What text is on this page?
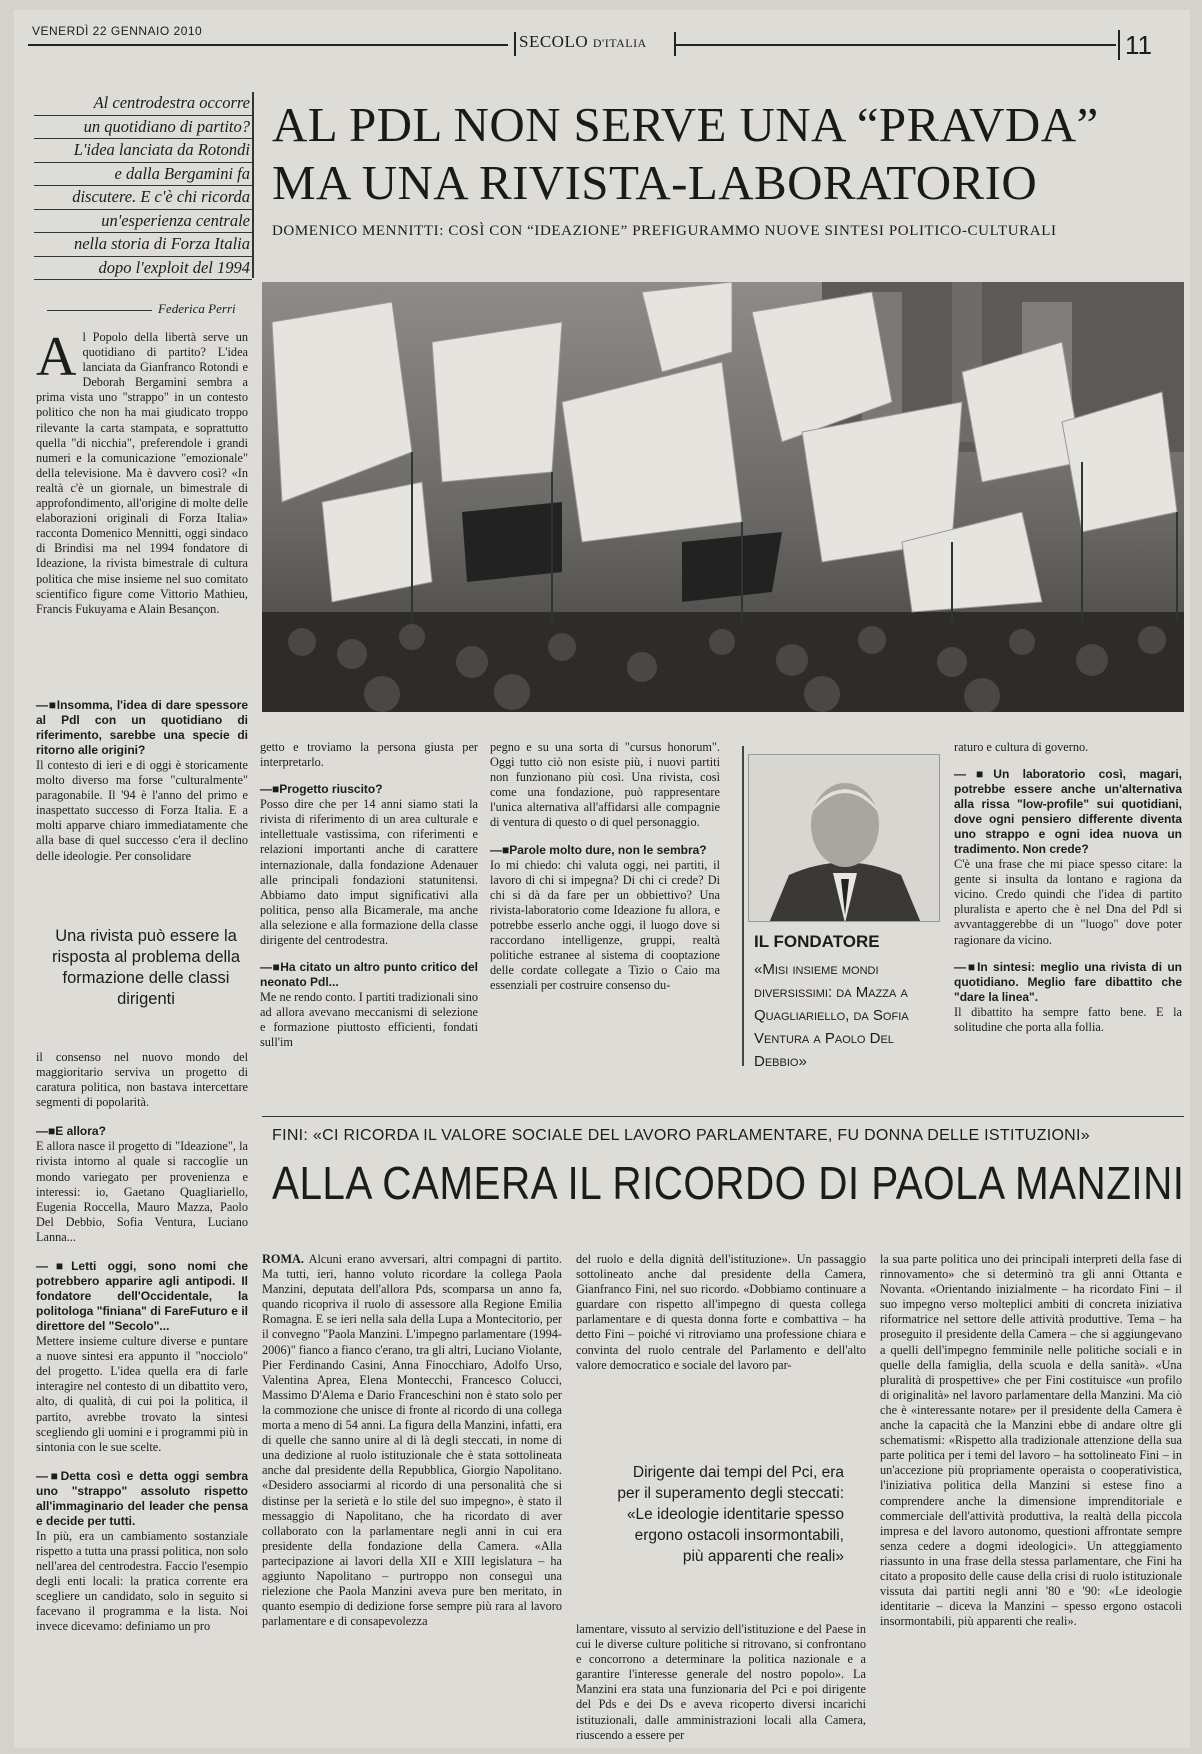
VENERDÌ 22 GENNAIO 2010
SECOLO D'ITALIA	11
Al centrodestra occorre
un quotidiano di partito?
L'idea lanciata da Rotondi
e dalla Bergamini fa
discutere. E c'è chi ricorda
un'esperienza centrale
nella storia di Forza Italia
dopo l'exploit del 1994
AL PDL NON SERVE UNA “PRAVDA”
MA UNA RIVISTA-LABORATORIO
DOMENICO MENNITTI: COSÌ CON “IDEAZIONE” PREFIGURAMMO NUOVE SINTESI POLITICO-CULTURALI
Federica Perri

Al Popolo della libertà serve un quotidiano di partito? L'idea lanciata da Gianfranco Rotondi e Deborah Bergamini sembra a prima vista uno "strappo" in un contesto politico che non ha mai giudicato troppo rilevante la carta stampata, e soprattutto quella "di nicchia", preferendole i grandi numeri e la comunicazione "emozionale" della televisione. Ma è davvero così? «In realtà c'è un giornale, un bimestrale di approfondimento, all'origine di molte delle elaborazioni originali di Forza Italia» racconta Domenico Mennitti, oggi sindaco di Brindisi ma nel 1994 fondatore di Ideazione, la rivista bimestrale di cultura politica che mise insieme nel suo comitato scientifico figure come Vittorio Mathieu, Francis Fukuyama e Alain Besançon.

—■ Insomma, l'idea di dare spessore al Pdl con un quotidiano di riferimento, sarebbe una specie di ritorno alle origini?

Il contesto di ieri e di oggi è storicamente molto diverso ma forse "culturalmente" paragonabile. Il '94 è l'anno del primo e inaspettato successo di Forza Italia. E a molti apparve chiaro immediatamente che alla base di quel successo c'era il declino delle ideologie. Per consolidare

Una rivista può essere la risposta al problema della formazione delle classi dirigenti

il consenso nel nuovo mondo del maggioritario serviva un progetto di caratura politica, non bastava intercettare segmenti di popolarità.

—■ E allora?

E allora nasce il progetto di "Ideazione", la rivista intorno al quale si raccoglie un mondo variegato per provenienza e interessi: io, Gaetano Quagliariello, Eugenia Roccella, Mauro Mazza, Paolo Del Debbio, Sofia Ventura, Luciano Lanna...

—■ Letti oggi, sono nomi che potrebbero apparire agli antipodi. Il fondatore dell'Occidentale, la politologa "finiana" di FareFuturo e il direttore del "Secolo"...

Mettere insieme culture diverse e puntare a nuove sintesi era appunto il "nocciolo" del progetto. L'idea quella era di farle interagire nel contesto di un dibattito vero, alto, di qualità, di cui poi la politica, il partito, avrebbe trovato la sintesi scegliendo gli uomini e i programmi più in sintonia con le sue scelte.

—■ Detta così e detta oggi sembra uno "strappo" assoluto rispetto all'immaginario del leader che pensa e decide per tutti.

In più, era un cambiamento sostanziale rispetto a tutta una prassi politica, non solo nell'area del centrodestra. Faccio l'esempio degli enti locali: la pratica corrente era scegliere un candidato, solo in seguito si facevano il programma e la lista. Noi invece dicevamo: definiamo un pro

getto e troviamo la persona giusta per interpretarlo.

—■ Progetto riuscito?

Posso dire che per 14 anni siamo stati la rivista di riferimento di un area culturale e intellettuale vastissima, con riferimenti e relazioni importanti anche di carattere internazionale, dalla fondazione Adenauer alle principali fondazioni statunitensi. Abbiamo dato imput significativi alla politica, penso alla Bicamerale, ma anche alla selezione e alla formazione della classe dirigente del centrodestra.

—■ Ha citato un altro punto critico del neonato Pdl...

Me ne rendo conto. I partiti tradizionali sino ad allora avevano meccanismi di selezione e formazione piuttosto efficienti, fondati sull'im

pegno e su una sorta di "cursus honorum". Oggi tutto ciò non esiste più, i nuovi partiti non funzionano più così. Una rivista, così come una fondazione, può rappresentare l'unica alternativa all'affidarsi alle compagnie di ventura di questo o di quel personaggio.

—■ Parole molto dure, non le sembra?

Io mi chiedo: chi valuta oggi, nei partiti, il lavoro di chi si impegna? Di chi ci crede? Di chi si dà da fare per un obbiettivo? Una rivista-laboratorio come Ideazione fu allora, e potrebbe esserlo anche oggi, il luogo dove si raccordano intelligenze, gruppi, realtà politiche estranee al sistema di cooptazione delle cordate collegate a Tizio o Caio ma essenziali per costruire consenso du-

IL FONDATORE
«Misi insieme mondi diversissimi: da Mazza a Quagliariello, da Sofia Ventura a Paolo Del Debbio»

raturo e cultura di governo.

—■ Un laboratorio così, magari, potrebbe essere anche un'alternativa alla rissa "low-profile" sui quotidiani, dove ogni pensiero differente diventa uno strappo e ogni idea nuova un tradimento. Non crede?

C'è una frase che mi piace spesso citare: la gente si insulta da lontano e ragiona da vicino. Credo quindi che l'idea di partito pluralista e aperto che è nel Dna del Pdl si avvantaggerebbe di un "luogo" dove poter ragionare da vicino.

—■ In sintesi: meglio una rivista di un quotidiano. Meglio fare dibattito che "dare la linea".

Il dibattito ha sempre fatto bene. E la solitudine che porta alla follia.

FINI: «CI RICORDA IL VALORE SOCIALE DEL LAVORO PARLAMENTARE, FU DONNA DELLE ISTITUZIONI»
ALLA CAMERA IL RICORDO DI PAOLA MANZINI

ROMA. Alcuni erano avversari, altri compagni di partito. Ma tutti, ieri, hanno voluto ricordare la collega Paola Manzini, deputata dell'allora Pds, scomparsa un anno fa, quando ricopriva il ruolo di assessore alla Regione Emilia Romagna. E se ieri nella sala della Lupa a Montecitorio, per il convegno "Paola Manzini. L'impegno parlamentare (1994-2006)" fianco a fianco c'erano, tra gli altri, Luciano Violante, Pier Ferdinando Casini, Anna Finocchiaro, Adolfo Urso, Valentina Aprea, Elena Montecchi, Francesco Colucci, Massimo D'Alema e Dario Franceschini non è stato solo per la commozione che unisce di fronte al ricordo di una collega morta a meno di 54 anni. La figura della Manzini, infatti, era di quelle che sanno unire al di là degli steccati, in nome di una dedizione al ruolo istituzionale che è stata sottolineata anche dal presidente della Repubblica, Giorgio Napolitano. «Desidero associarmi al ricordo di una personalità che si distinse per la serietà e lo stile del suo impegno», è stato il messaggio di Napolitano, che ha ricordato di aver collaborato con la parlamentare negli anni in cui era presidente della fondazione della Camera. «Alla partecipazione ai lavori della XII e XIII legislatura – ha aggiunto Napolitano – purtroppo non conseguì una rielezione che Paola Manzini aveva pure ben meritato, in quanto esempio di dedizione forse sempre più rara al lavoro parlamentare e di consapevolezza

del ruolo e della dignità dell'istituzione». Un passaggio sottolineato anche dal presidente della Camera, Gianfranco Fini, nel suo ricordo. «Dobbiamo continuare a guardare con rispetto all'impegno di questa collega parlamentare e di questa donna forte e combattiva – ha detto Fini – poiché vi ritroviamo una professione chiara e convinta del ruolo centrale del Parlamento e dell'alto valore democratico e sociale del lavoro par-

Dirigente dai tempi del Pci, era per il superamento degli steccati: «Le ideologie identitarie spesso ergono ostacoli insormontabili, più apparenti che reali»

lamentare, vissuto al servizio dell'istituzione e del Paese in cui le diverse culture politiche si ritrovano, si confrontano e concorrono a determinare la politica nazionale e a garantire l'interesse generale del nostro popolo». La Manzini era stata una funzionaria del Pci e poi dirigente del Pds e dei Ds e aveva ricoperto diversi incarichi istituzionali, dalle amministrazioni locali alla Camera, riuscendo a essere per

la sua parte politica uno dei principali interpreti della fase di rinnovamento» che si determinò tra gli anni Ottanta e Novanta. «Orientando inizialmente – ha ricordato Fini – il suo impegno verso molteplici ambiti di concreta iniziativa riformatrice nel settore delle attività produttive. Tema – ha proseguito il presidente della Camera – che si aggiungevano a quelli dell'impegno femminile nelle politiche sociali e in quelle della famiglia, della scuola e della sanità». «Una pluralità di prospettive» che per Fini costituisce «un profilo di originalità» nel lavoro parlamentare della Manzini. Ma ciò che è «interessante notare» per il presidente della Camera è anche la capacità che la Manzini ebbe di andare oltre gli schematismi: «Rispetto alla tradizionale attenzione della sua parte politica per i temi del lavoro – ha sottolineato Fini – in un'accezione più propriamente operaista o cooperativistica, l'iniziativa politica della Manzini si estese fino a comprendere anche la dimensione imprenditoriale e commerciale dell'attività produttiva, la realtà della piccola impresa e del lavoro autonomo, questioni affrontate sempre senza cedere a dogmi ideologici». Un atteggiamento riassunto in una frase della stessa parlamentare, che Fini ha citato a proposito delle cause della crisi di ruolo istituzionale vissuta dai partiti negli anni '80 e '90: «Le ideologie identitarie – diceva la Manzini – spesso ergono ostacoli insormontabili, più apparenti che reali».
